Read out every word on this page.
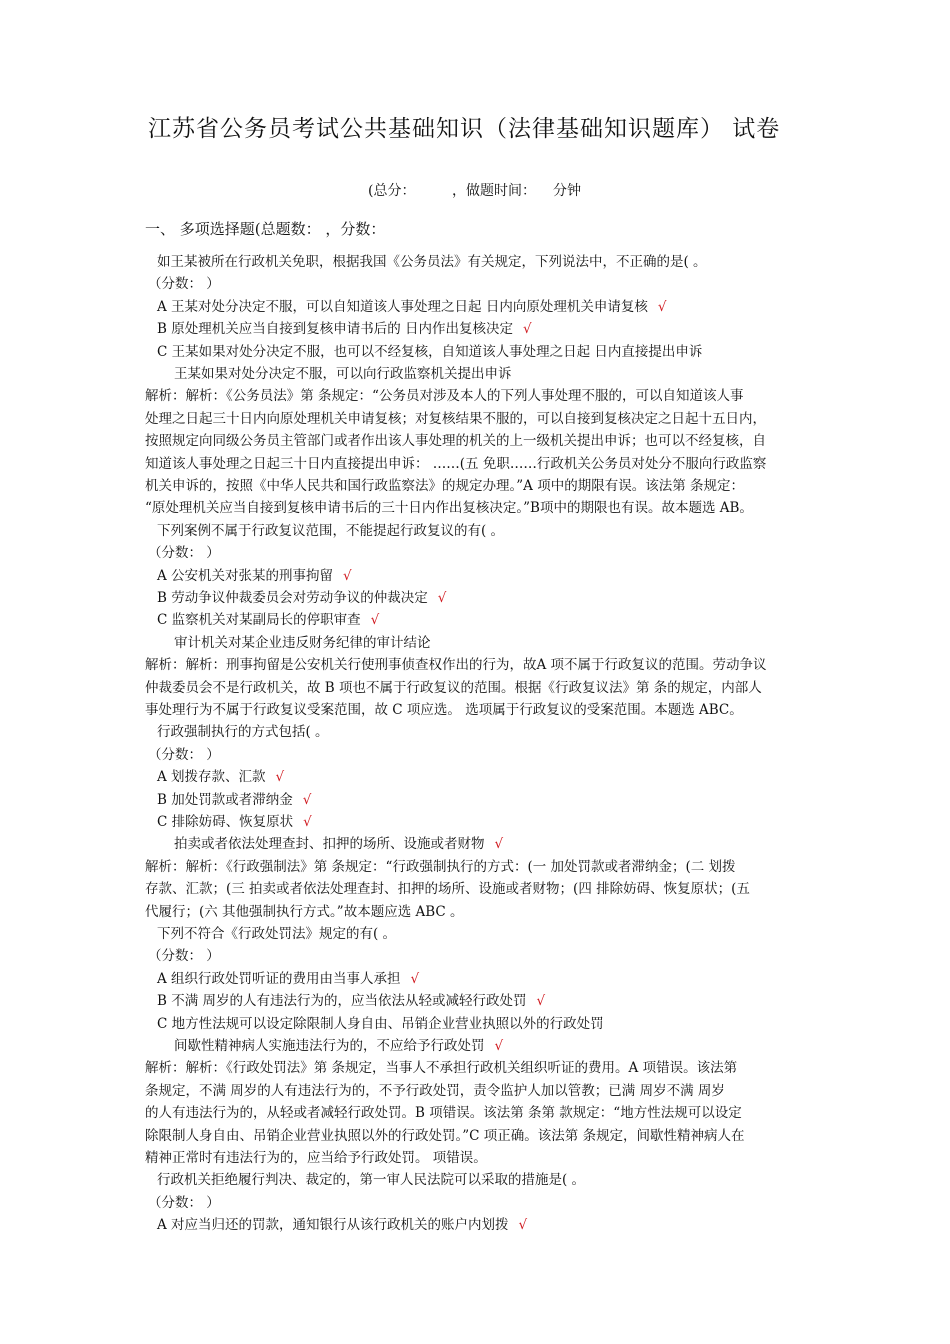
江苏省公务员考试公共基础知识（法律基础知识题库） 试卷
(总分：	，做题时间： 分钟
一、 多项选择题(总题数： ，分数：
如王某被所在行政机关免职，根据我国《公务员法》有关规定，下列说法中，不正确的是( 。
（分数： ）
A 王某对处分决定不服，可以自知道该人事处理之日起 日内向原处理机关申请复核 √
B 原处理机关应当自接到复核申请书后的 日内作出复核决定 √
C 王某如果对处分决定不服，也可以不经复核，自知道该人事处理之日起 日内直接提出申诉
王某如果对处分决定不服，可以向行政监察机关提出申诉
解析：解析：《公务员法》第 条规定：“公务员对涉及本人的下列人事处理不服的，可以自知道该人事
处理之日起三十日内向原处理机关申请复核；对复核结果不服的，可以自接到复核决定之日起十五日内，
按照规定向同级公务员主管部门或者作出该人事处理的机关的上一级机关提出申诉；也可以不经复核，自
知道该人事处理之日起三十日内直接提出申诉： ……(五 免职……行政机关公务员对处分不服向行政监察
机关申诉的，按照《中华人民共和国行政监察法》的规定办理。”A 项中的期限有误。该法第 条规定：
“原处理机关应当自接到复核申请书后的三十日内作出复核决定。”B项中的期限也有误。故本题选 AB。
下列案例不属于行政复议范围，不能提起行政复议的有( 。
（分数： ）
A 公安机关对张某的刑事拘留 √
B 劳动争议仲裁委员会对劳动争议的仲裁决定 √
C 监察机关对某副局长的停职审查 √
审计机关对某企业违反财务纪律的审计结论
解析：解析：刑事拘留是公安机关行使刑事侦查权作出的行为，故A 项不属于行政复议的范围。劳动争议
仲裁委员会不是行政机关，故 B 项也不属于行政复议的范围。根据《行政复议法》第 条的规定，内部人
事处理行为不属于行政复议受案范围，故 C 项应选。 选项属于行政复议的受案范围。本题选 ABC。
行政强制执行的方式包括( 。
（分数： ）
A 划拨存款、汇款 √
B 加处罚款或者滞纳金 √
C 排除妨碍、恢复原状 √
拍卖或者依法处理查封、扣押的场所、设施或者财物 √
解析：解析：《行政强制法》第 条规定：“行政强制执行的方式：(一 加处罚款或者滞纳金；(二 划拨
存款、汇款；(三 拍卖或者依法处理查封、扣押的场所、设施或者财物；(四 排除妨碍、恢复原状；(五
代履行；(六 其他强制执行方式。”故本题应选 ABC 。
下列不符合《行政处罚法》规定的有( 。
（分数： ）
A 组织行政处罚听证的费用由当事人承担 √
B 不满 周岁的人有违法行为的，应当依法从轻或减轻行政处罚 √
C 地方性法规可以设定除限制人身自由、吊销企业营业执照以外的行政处罚
间歇性精神病人实施违法行为的，不应给予行政处罚 √
解析：解析：《行政处罚法》第 条规定，当事人不承担行政机关组织听证的费用。A 项错误。该法第
条规定，不满 周岁的人有违法行为的，不予行政处罚，责令监护人加以管教；已满 周岁不满 周岁
的人有违法行为的，从轻或者减轻行政处罚。B 项错误。该法第 条第 款规定：“地方性法规可以设定
除限制人身自由、吊销企业营业执照以外的行政处罚。”C 项正确。该法第 条规定，间歇性精神病人在
精神正常时有违法行为的，应当给予行政处罚。 项错误。
行政机关拒绝履行判决、裁定的，第一审人民法院可以采取的措施是( 。
（分数： ）
A 对应当归还的罚款，通知银行从该行政机关的账户内划拨 √
